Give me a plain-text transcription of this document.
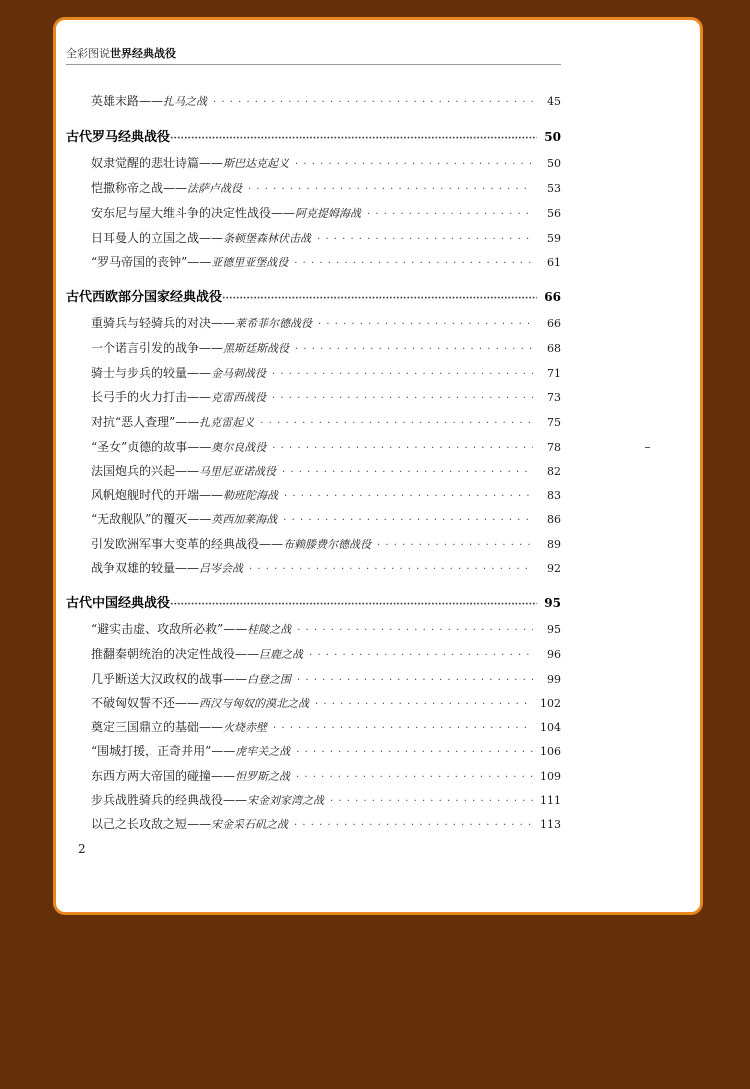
全彩图说世界经典战役
英雄末路—— 扎马之战 · · ·	45
古代罗马经典战役 ·····	50
奴隶觉醒的悲壮诗篇—— 斯巴达克起义 · · ·	50
恺撒称帝之战—— 法萨卢战役 · · ·	53
安东尼与屋大维斗争的决定性战役—— 阿克提姆海战 · · ·	56
日耳曼人的立国之战—— 条顿堡森林伏击战 · · ·	59
“罗马帝国的丧钟”—— 亚德里亚堡战役 · · ·	61
古代西欧部分国家经典战役 ·····	66
重骑兵与轻骑兵的对决—— 莱希菲尔德战役 · · ·	66
一个诺言引发的战争—— 黑斯廷斯战役 · · ·	68
骑士与步兵的较量—— 金马刺战役 · · ·	71
长弓手的火力打击—— 克雷西战役 · · ·	73
对抗“恶人查理”—— 扎克雷起义 · · ·	75
“圣女”贞德的故事—— 奥尔良战役 · · ·	78
法国炮兵的兴起—— 马里尼亚诺战役 · · ·	82
风帆炮舰时代的开端—— 勒班陀海战 · · ·	83
“无敌舰队”的覆灭—— 英西加莱海战 · · ·	86
引发欧洲军事大变革的经典战役—— 布赖滕费尔德战役 · · ·	89
战争双雄的较量—— 吕岑会战 · · ·	92
古代中国经典战役 ·····	95
“避实击虚、攻敌所必救”—— 桂陵之战 · · ·	95
推翻秦朝统治的决定性战役—— 巨鹿之战 · · ·	96
几乎断送大汉政权的战事—— 白登之围 · · ·	99
不破匈奴誓不还—— 西汉与匈奴的漠北之战 · · ·	102
奠定三国鼎立的基础—— 火烧赤壁 · · ·	104
“围城打援，正奇并用”—— 虎牢关之战 · · ·	106
东西方两大帝国的碰撞—— 怛罗斯之战 · · ·	109
步兵战胜骑兵的经典战役—— 宋金刘家湾之战 · · ·	111
以己之长攻敌之短—— 宋金采石矶之战 · · ·	113
2
